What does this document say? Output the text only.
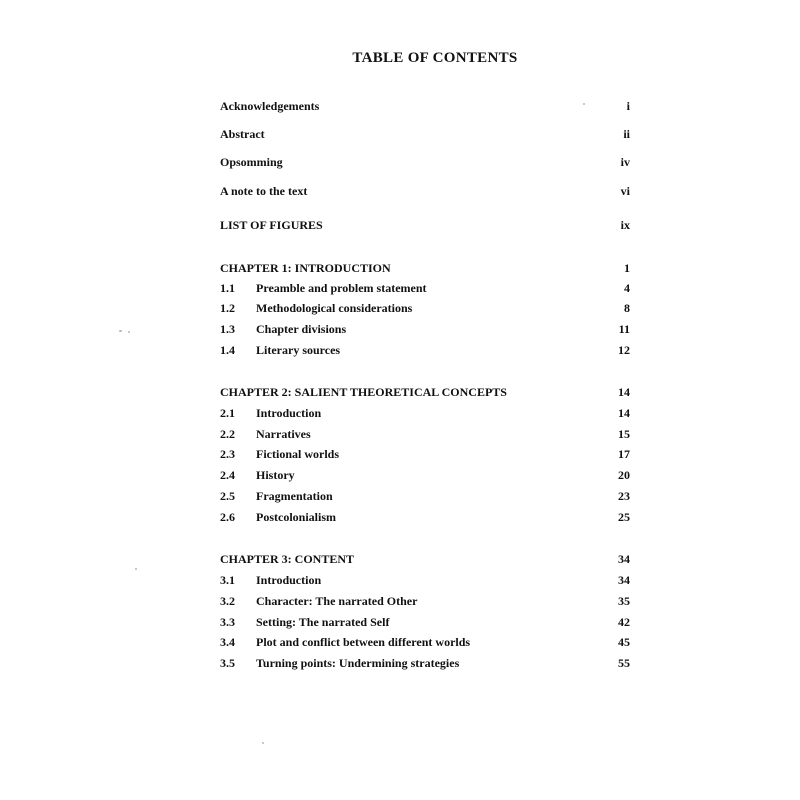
TABLE OF CONTENTS
Acknowledgements	i
Abstract	ii
Opsomming	iv
A note to the text	vi
LIST OF FIGURES	ix
CHAPTER 1: INTRODUCTION	1
1.1 Preamble and problem statement	4
1.2 Methodological considerations	8
1.3 Chapter divisions	11
1.4 Literary sources	12
CHAPTER 2: SALIENT THEORETICAL CONCEPTS	14
2.1 Introduction	14
2.2 Narratives	15
2.3 Fictional worlds	17
2.4 History	20
2.5 Fragmentation	23
2.6 Postcolonialism	25
CHAPTER 3: CONTENT	34
3.1 Introduction	34
3.2 Character: The narrated Other	35
3.3 Setting: The narrated Self	42
3.4 Plot and conflict between different worlds	45
3.5 Turning points: Undermining strategies	55
